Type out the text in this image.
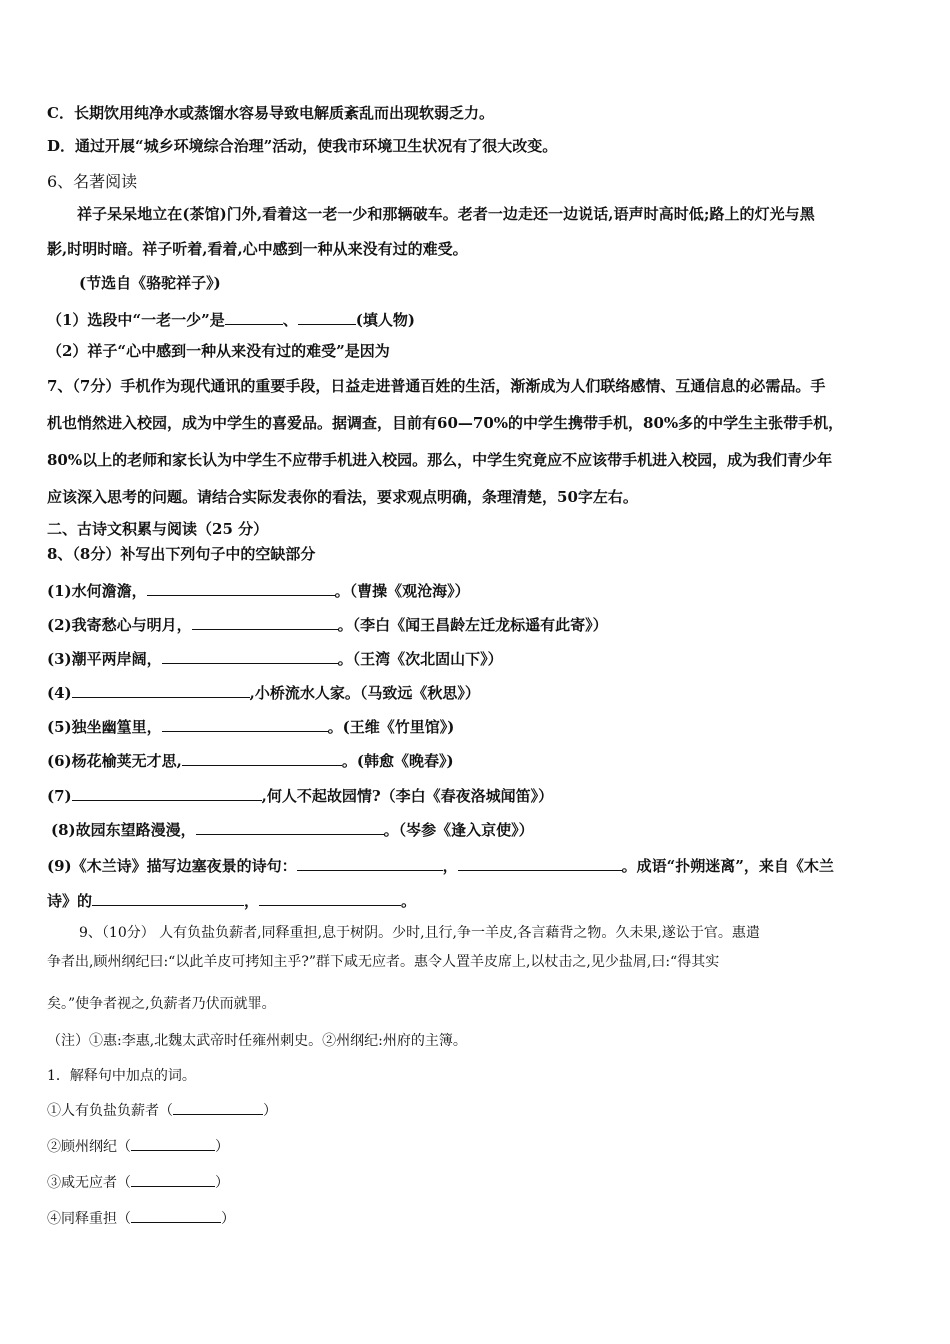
C．长期饮用纯净水或蒸馏水容易导致电解质紊乱而出现软弱乏力。
D．通过开展“城乡环境综合治理”活动，使我市环境卫生状况有了很大改变。
6、名著阅读
祥子呆呆地立在(茶馆)门外,看着这一老一少和那辆破车。老者一边走还一边说话,语声时高时低;路上的灯光与黑
影,时明时暗。祥子听着,看着,心中感到一种从来没有过的难受。
(节选自《骆驼祥子》)
（1）选段中“一老一少”是	、	(填人物)
（2）祥子“心中感到一种从来没有过的难受”是因为
7、（7分）手机作为现代通讯的重要手段，日益走进普通百姓的生活，渐渐成为人们联络感情、互通信息的必需品。手
机也悄然进入校园，成为中学生的喜爱品。据调查，目前有60—70%的中学生携带手机，80%多的中学生主张带手机，
80%以上的老师和家长认为中学生不应带手机进入校园。那么，中学生究竟应不应该带手机进入校园，成为我们青少年
应该深入思考的问题。请结合实际发表你的看法，要求观点明确，条理清楚，50字左右。
二、古诗文积累与阅读（25 分）
8、（8分）补写出下列句子中的空缺部分
(1)水何澹澹，	。（曹操《观沧海》）
(2)我寄愁心与明月，	。（李白《闻王昌龄左迁龙标遥有此寄》）
(3)潮平两岸阔，	。（王湾《次北固山下》）
(4)	,小桥流水人家。（马致远《秋思》）
(5)独坐幽篁里，	。(王维《竹里馆》)
(6)杨花榆荚无才思,	。(韩愈《晚春》)
(7)	,何人不起故园情?（李白《春夜洛城闻笛》）
(8)故园东望路漫漫，	。（岑参《逢入京使》）
(9)《木兰诗》描写边塞夜景的诗句：	，	。成语“扑朔迷离”，来自《木兰
诗》的	，	。
9、（10分） 人有负盐负薪者,同释重担,息于树阴。少时,且行,争一羊皮,各言藉背之物。久未果,遂讼于官。惠遣
争者出,顾州纲纪曰:“以此羊皮可拷知主乎?”群下咸无应者。惠令人置羊皮席上,以杖击之,见少盐屑,曰:“得其实
矣。”使争者视之,负薪者乃伏而就罪。
（注）①惠:李惠,北魏太武帝时任雍州刺史。②州纲纪:州府的主簿。
1．解释句中加点的词。
①人有负盐负薪者（	）
②顾州纲纪（	）
③咸无应者（	）
④同释重担（	）
